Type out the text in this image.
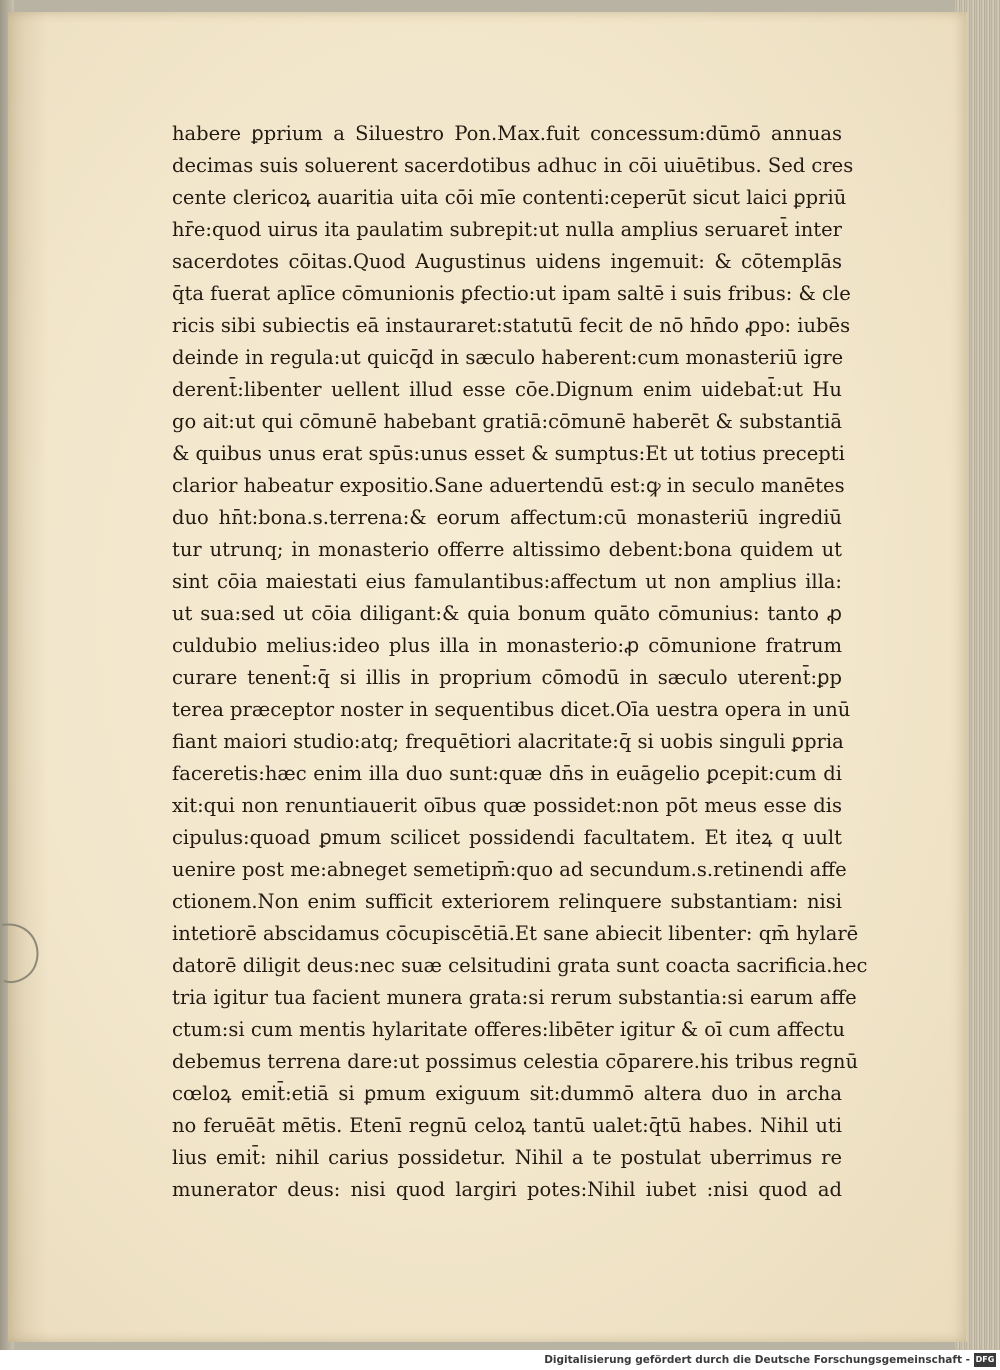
habere ꝑprium a Siluestro Pon.Max.fuit concessum:dūmō annuas
decimas suis soluerent sacerdotibus adhuc in cōi uiuētibus. Sed cres
cente clericoꝝ auaritia uita cōi mīe contenti:ceperūt sicut laici ꝑpriū
hr̄e:quod uirus ita paulatim subrepit:ut nulla amplius seruaret̄ inter
sacerdotes cōitas.Quod Augustinus uidens ingemuit: & cōtemplās
q̄ta fuerat aplīce cōmunionis ꝑfectio:ut ipam saltē i suis fribus: & cle
ricis sibi subiectis eā instauraret:statutū fecit de nō hn̄do ꝓpo: iubēs
deinde in regula:ut quicq̄d in sæculo haberent:cum monasteriū igre
derent̄:libenter uellent illud esse cōe.Dignum enim uidebat̄:ut Hu
go ait:ut qui cōmunē habebant gratiā:cōmunē haberēt & substantiā
& quibus unus erat spūs:unus esset & sumptus:Et ut totius precepti
clarior habeatur expositio.Sane aduertendū est:ꝙ in seculo manētes
duo hn̄t:bona.s.terrena:& eorum affectum:cū monasteriū ingrediū
tur utrunq; in monasterio offerre altissimo debent:bona quidem ut
sint cōia maiestati eius famulantibus:affectum ut non amplius illa:
ut sua:sed ut cōia diligant:& quia bonum quāto cōmunius: tanto ꝓ
culdubio melius:ideo plus illa in monasterio:ꝓ cōmunione fratrum
curare tenent̄:q̄ si illis in proprium cōmodū in sæculo uterent̄:ꝑp
terea præceptor noster in sequentibus dicet.Oīa uestra opera in unū
fiant maiori studio:atq; frequētiori alacritate:q̄ si uobis singuli ꝑpria
faceretis:hæc enim illa duo sunt:quæ dn̄s in euāgelio ꝑcepit:cum di
xit:qui non renuntiauerit oībus quæ possidet:non pōt meus esse dis
cipulus:quoad ꝑmum scilicet possidendi facultatem. Et iteꝝ q uult
uenire post me:abneget semetipm̄:quo ad secundum.s.retinendi affe
ctionem.Non enim sufficit exteriorem relinquere substantiam: nisi
intetiorē abscidamus cōcupiscētiā.Et sane abiecit libenter: qm̄ hylarē
datorē diligit deus:nec suæ celsitudini grata sunt coacta sacrificia.hec
tria igitur tua facient munera grata:si rerum substantia:si earum affe
ctum:si cum mentis hylaritate offeres:libēter igitur & oī cum affectu
debemus terrena dare:ut possimus celestia cōparere.his tribus regnū
cœloꝝ emit̄:etiā si ꝑmum exiguum sit:dummō altera duo in archa
no feruēāt mētis. Etenī regnū celoꝝ tantū ualet:q̄tū habes. Nihil uti
lius emit̄: nihil carius possidetur. Nihil a te postulat uberrimus re
munerator deus: nisi quod largiri potes:Nihil iubet :nisi quod ad
Digitalisierung gefördert durch die Deutsche Forschungsgemeinschaft - DFG
